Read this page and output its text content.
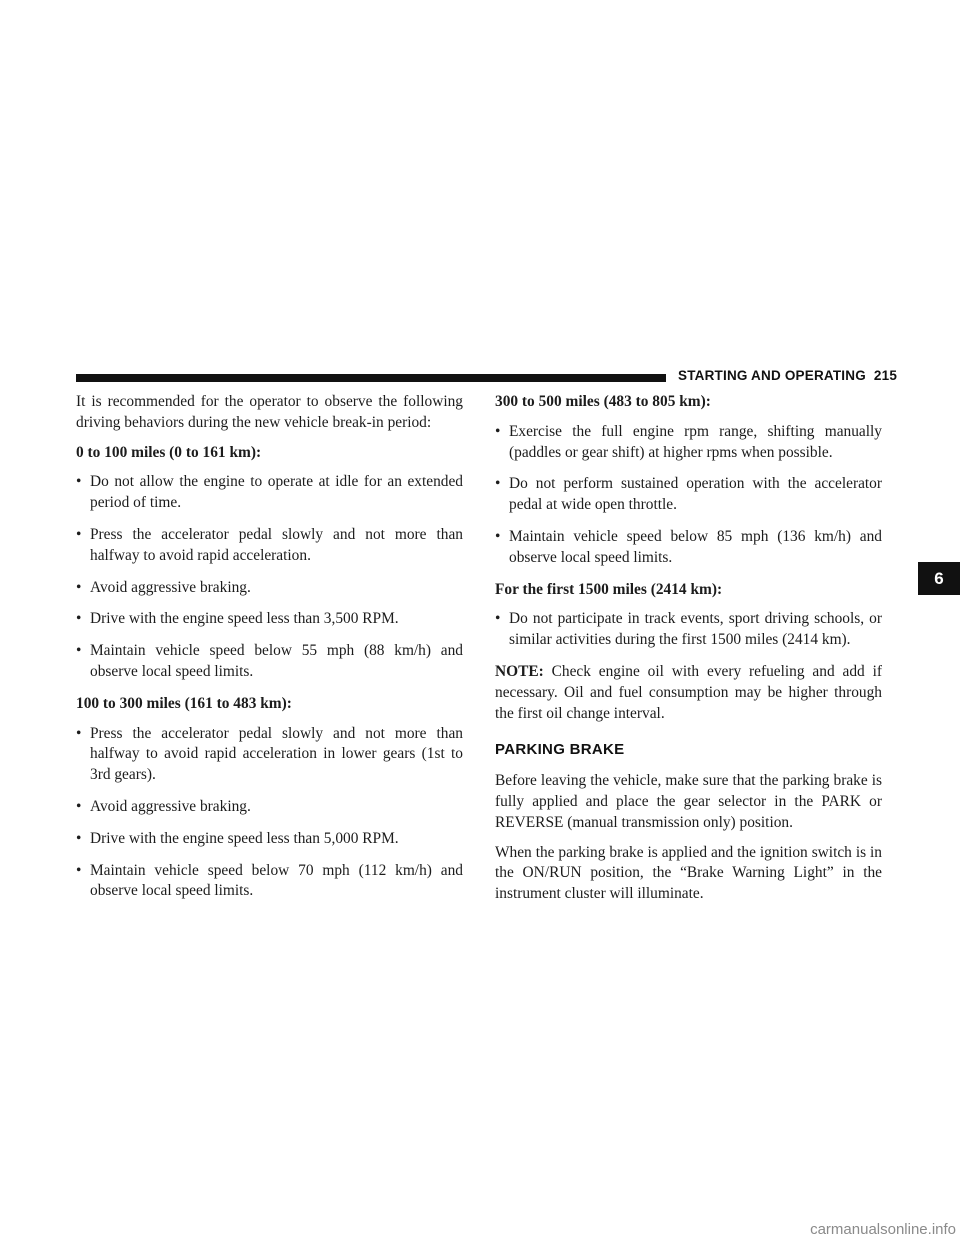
STARTING AND OPERATING 215
6

It is recommended for the operator to observe the following driving behaviors during the new vehicle break-in period:

0 to 100 miles (0 to 161 km):

• Do not allow the engine to operate at idle for an extended period of time.
• Press the accelerator pedal slowly and not more than halfway to avoid rapid acceleration.
• Avoid aggressive braking.
• Drive with the engine speed less than 3,500 RPM.
• Maintain vehicle speed below 55 mph (88 km/h) and observe local speed limits.

100 to 300 miles (161 to 483 km):

• Press the accelerator pedal slowly and not more than halfway to avoid rapid acceleration in lower gears (1st to 3rd gears).
• Avoid aggressive braking.
• Drive with the engine speed less than 5,000 RPM.
• Maintain vehicle speed below 70 mph (112 km/h) and observe local speed limits.

300 to 500 miles (483 to 805 km):

• Exercise the full engine rpm range, shifting manually (paddles or gear shift) at higher rpms when possible.
• Do not perform sustained operation with the accelerator pedal at wide open throttle.
• Maintain vehicle speed below 85 mph (136 km/h) and observe local speed limits.

For the first 1500 miles (2414 km):

• Do not participate in track events, sport driving schools, or similar activities during the first 1500 miles (2414 km).

NOTE: Check engine oil with every refueling and add if necessary. Oil and fuel consumption may be higher through the first oil change interval.

PARKING BRAKE

Before leaving the vehicle, make sure that the parking brake is fully applied and place the gear selector in the PARK or REVERSE (manual transmission only) position.

When the parking brake is applied and the ignition switch is in the ON/RUN position, the “Brake Warning Light” in the instrument cluster will illuminate.

carmanualsonline.info
